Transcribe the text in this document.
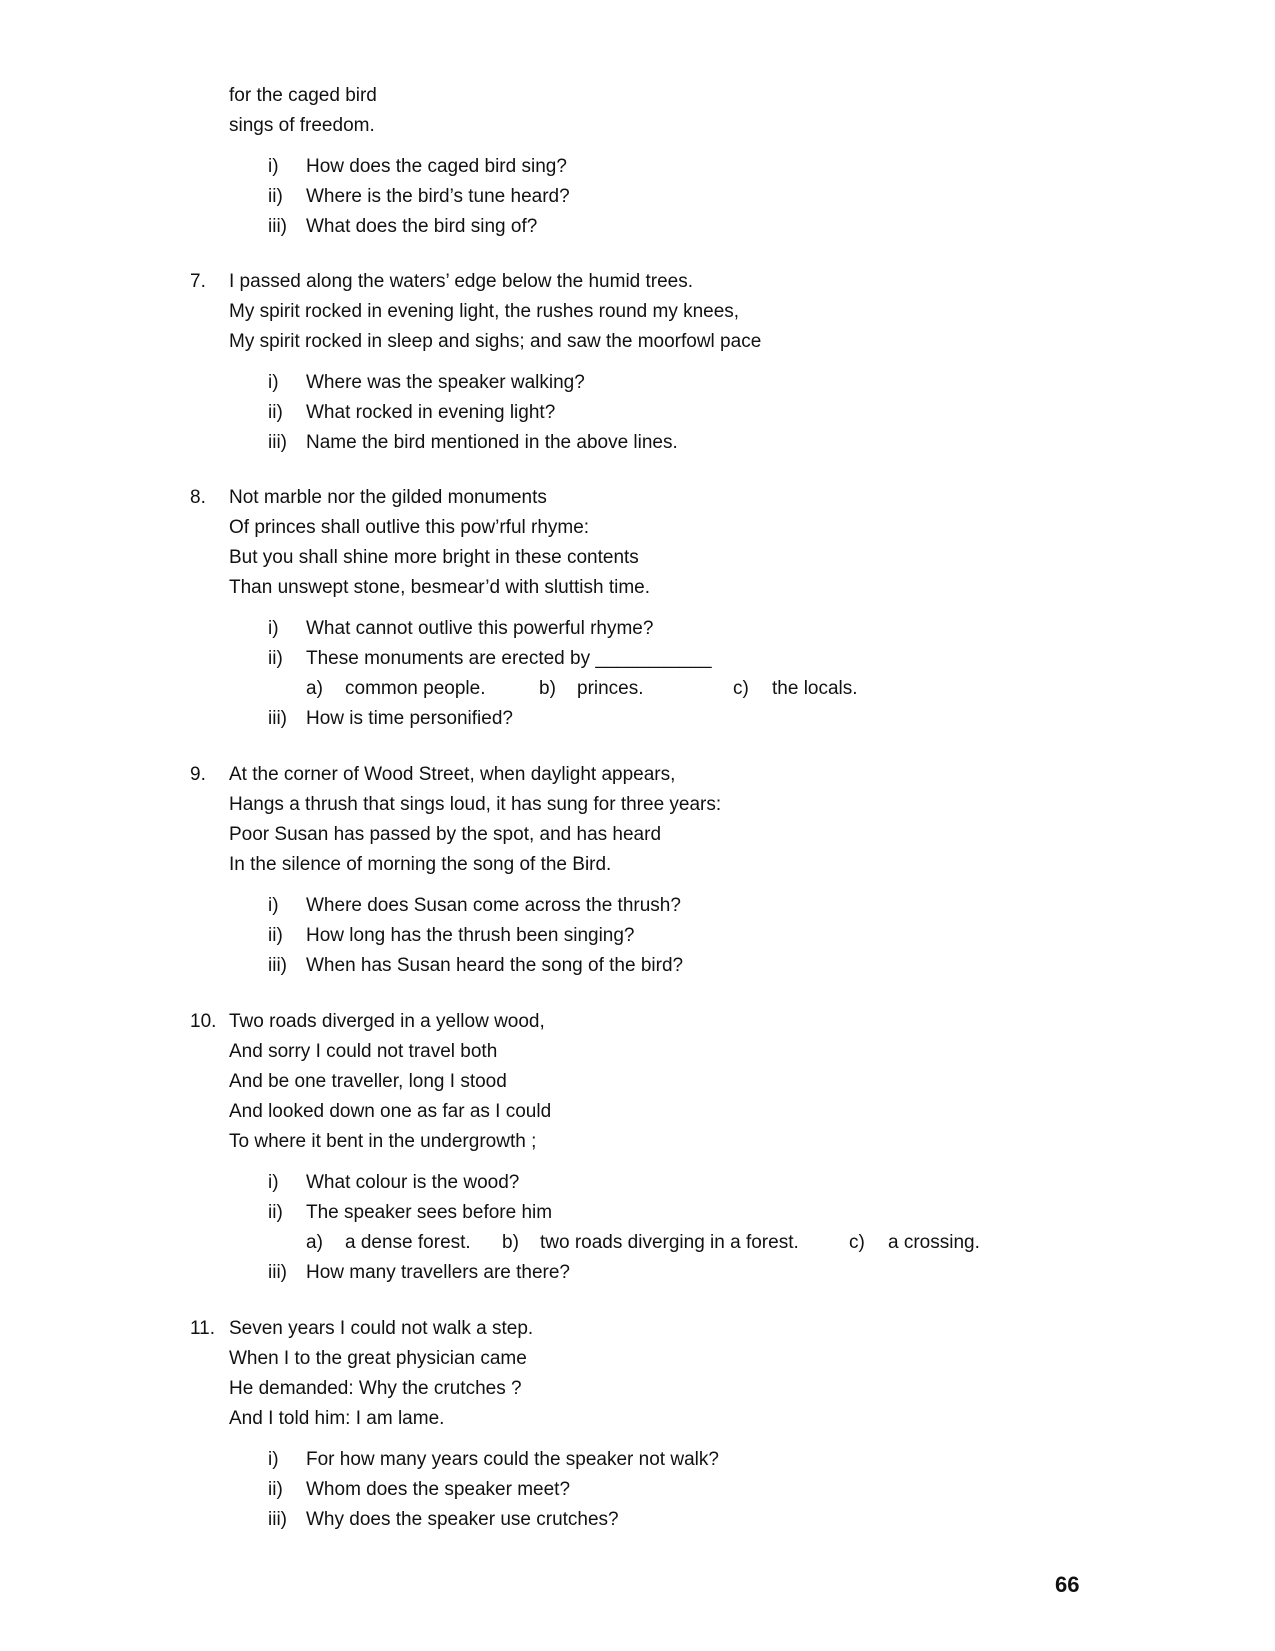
for the caged bird
sings of freedom.
i) How does the caged bird sing?
ii) Where is the bird’s tune heard?
iii) What does the bird sing of?
7. I passed along the waters’ edge below the humid trees.
My spirit rocked in evening light, the rushes round my knees,
My spirit rocked in sleep and sighs; and saw the moorfowl pace
i) Where was the speaker walking?
ii) What rocked in evening light?
iii) Name the bird mentioned in the above lines.
8. Not marble nor the gilded monuments
Of princes shall outlive this pow’rful rhyme:
But you shall shine more bright in these contents
Than unswept stone, besmear’d with sluttish time.
i) What cannot outlive this powerful rhyme?
ii) These monuments are erected by ___________
a) common people.	b) princes.	c) the locals.
iii) How is time personified?
9. At the corner of Wood Street, when daylight appears,
Hangs a thrush that sings loud, it has sung for three years:
Poor Susan has passed by the spot, and has heard
In the silence of morning the song of the Bird.
i) Where does Susan come across the thrush?
ii) How long has the thrush been singing?
iii) When has Susan heard the song of the bird?
10. Two roads diverged in a yellow wood,
And sorry I could not travel both
And be one traveller, long I stood
And looked down one as far as I could
To where it bent in the undergrowth ;
i) What colour is the wood?
ii) The speaker sees before him
a) a dense forest. b) two roads diverging in a forest.	c) a crossing.
iii) How many travellers are there?
11. Seven years I could not walk a step.
When I to the great physician came
He demanded: Why the crutches ?
And I told him: I am lame.
i) For how many years could the speaker not walk?
ii) Whom does the speaker meet?
iii) Why does the speaker use crutches?
66
